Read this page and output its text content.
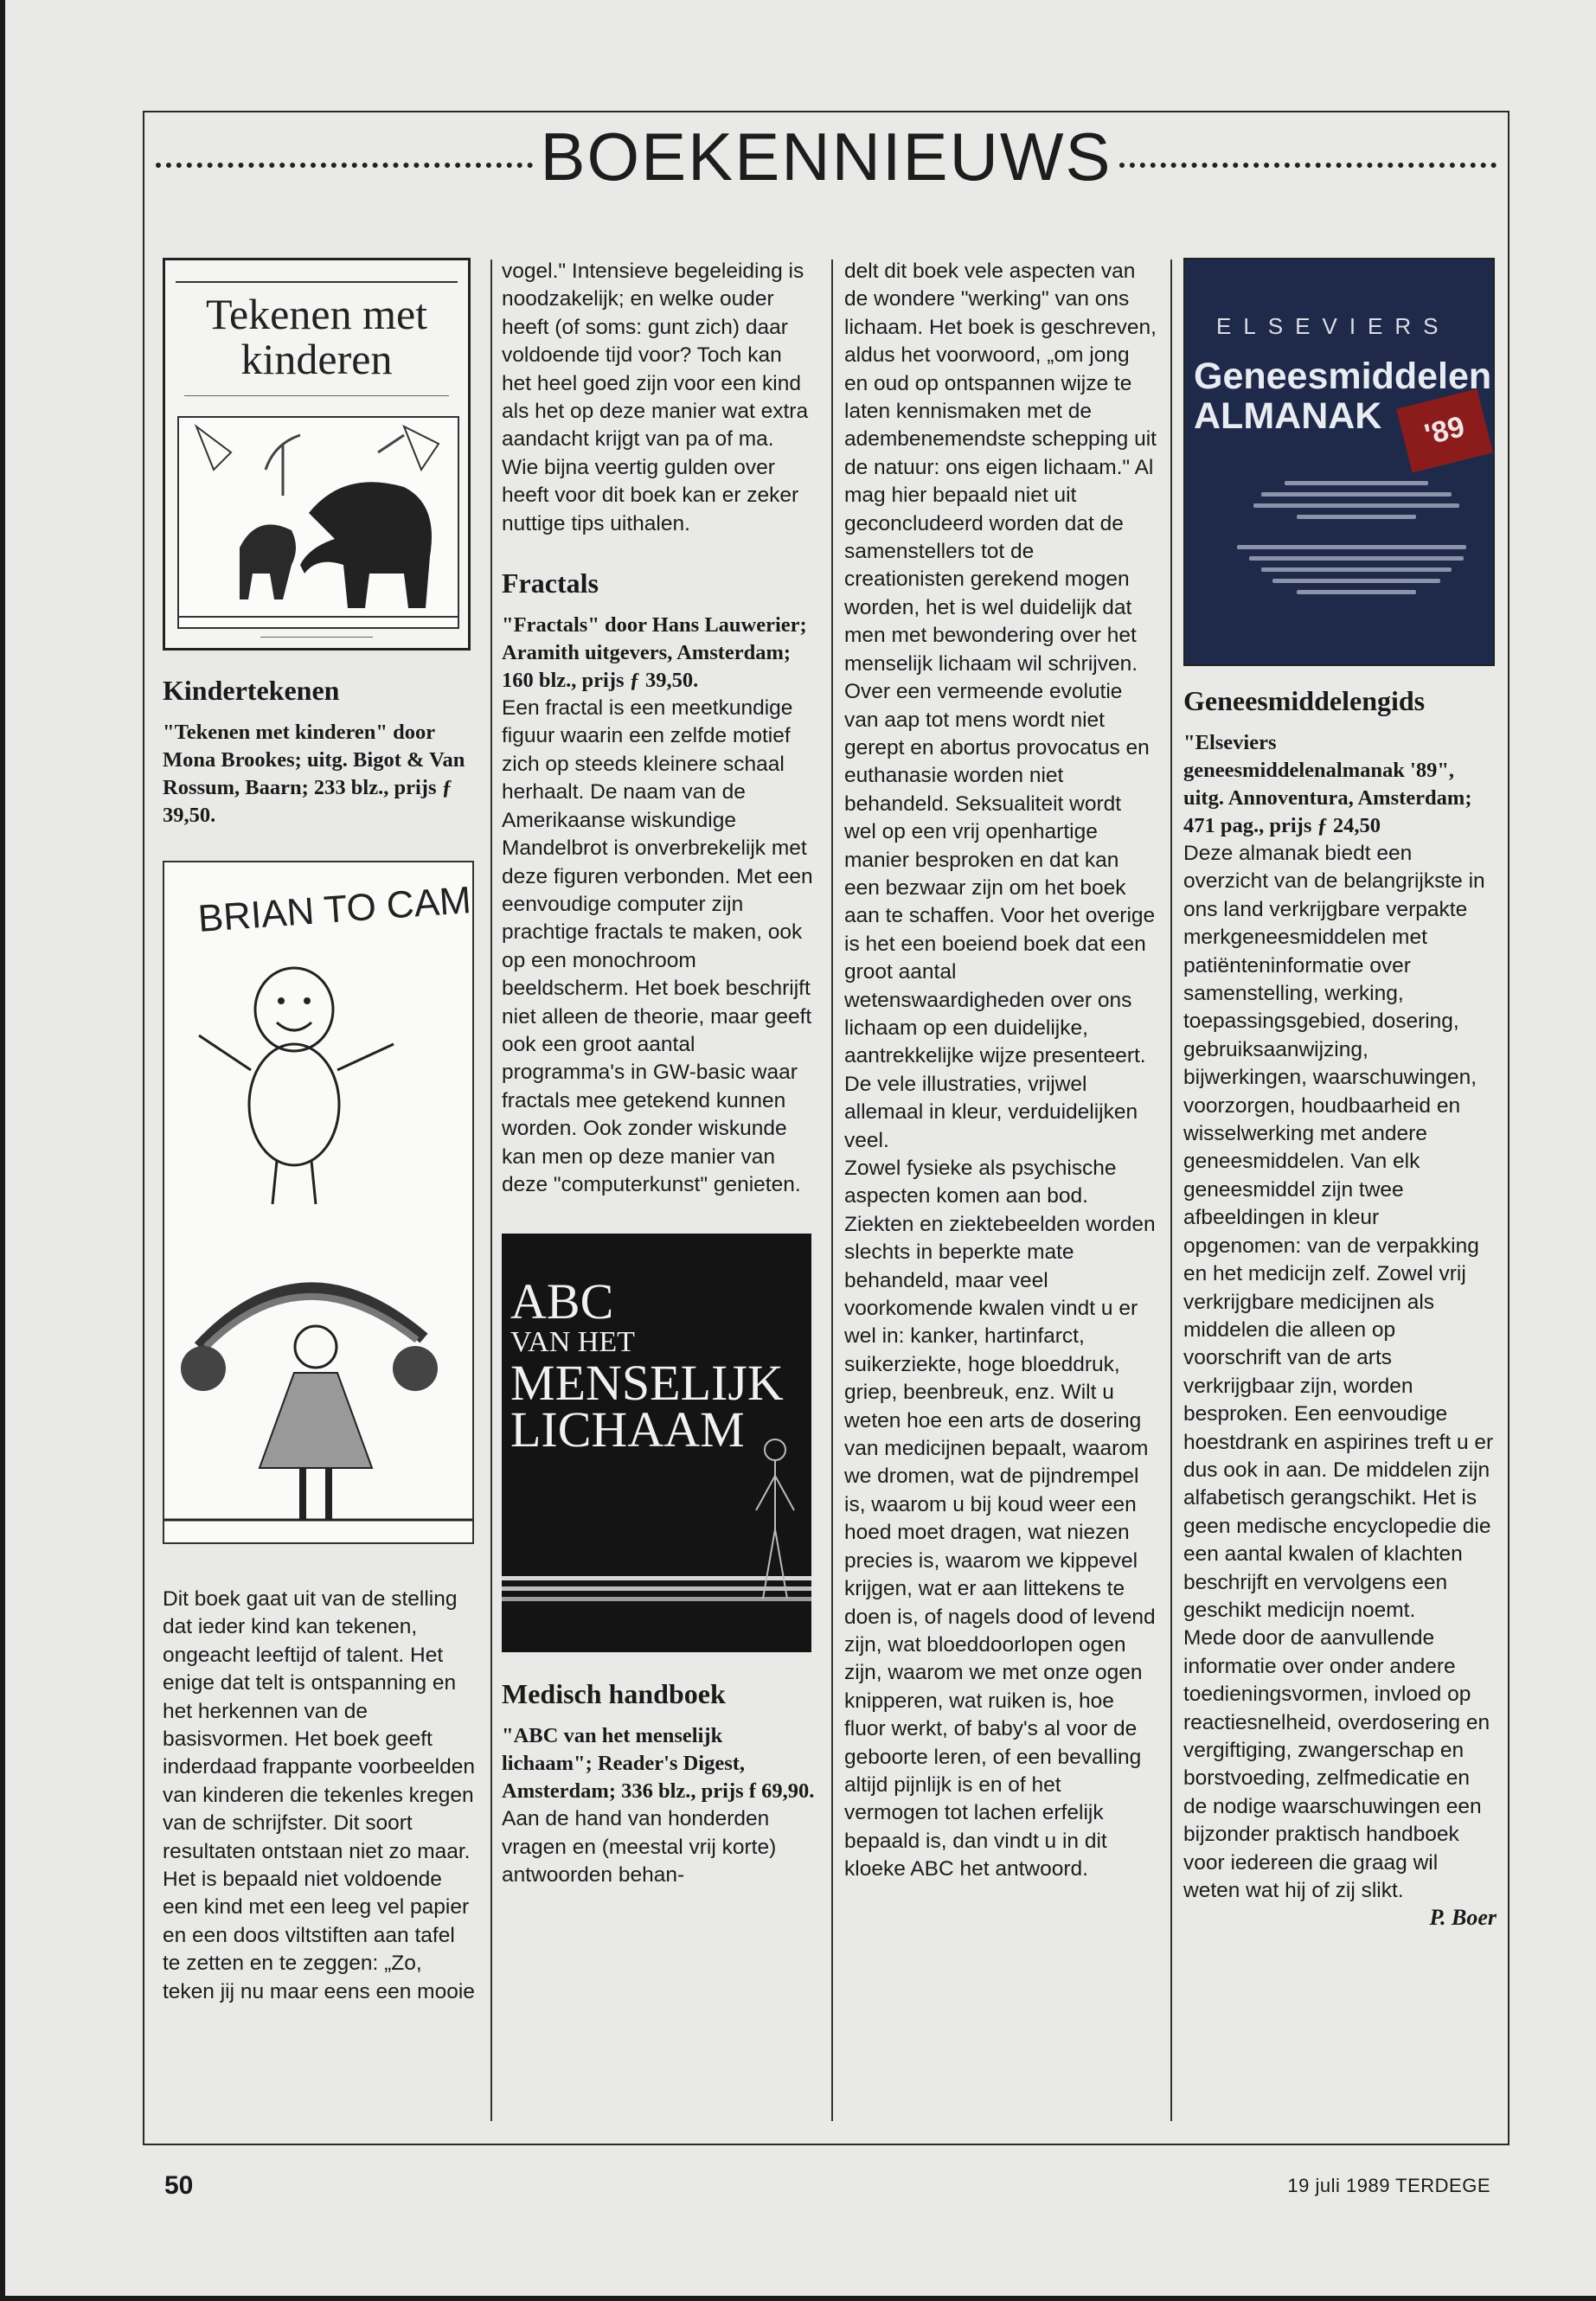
BOEKENNIEUWS
Tekenen met kinderen
Kindertekenen

"Tekenen met kinderen" door Mona Brookes; uitg. Bigot & Van Rossum, Baarn; 233 blz., prijs ƒ 39,50.

BRIAN TO CAM

Dit boek gaat uit van de stelling dat ieder kind kan tekenen, ongeacht leeftijd of talent. Het enige dat telt is ontspanning en het herkennen van de basisvormen. Het boek geeft inderdaad frappante voorbeelden van kinderen die tekenles kregen van de schrijfster. Dit soort resultaten ontstaan niet zo maar. Het is bepaald niet voldoende een kind met een leeg vel papier en een doos viltstiften aan tafel te zetten en te zeggen: „Zo, teken jij nu maar eens een mooie

vogel." Intensieve begeleiding is noodzakelijk; en welke ouder heeft (of soms: gunt zich) daar voldoende tijd voor? Toch kan het heel goed zijn voor een kind als het op deze manier wat extra aandacht krijgt van pa of ma. Wie bijna veertig gulden over heeft voor dit boek kan er zeker nuttige tips uithalen.

Fractals

"Fractals" door Hans Lauwerier; Aramith uitgevers, Amsterdam; 160 blz., prijs ƒ 39,50.

Een fractal is een meetkundige figuur waarin een zelfde motief zich op steeds kleinere schaal herhaalt. De naam van de Amerikaanse wiskundige Mandelbrot is onverbrekelijk met deze figuren verbonden. Met een eenvoudige computer zijn prachtige fractals te maken, ook op een monochroom beeldscherm. Het boek beschrijft niet alleen de theorie, maar geeft ook een groot aantal programma's in GW-basic waar fractals mee getekend kunnen worden. Ook zonder wiskunde kan men op deze manier van deze "computerkunst" genieten.

ABC

VAN HET
MENSELIJK
LICHAAM
Medisch handboek

"ABC van het menselijk lichaam"; Reader's Digest, Amsterdam; 336 blz., prijs f 69,90.

Aan de hand van honderden vragen en (meestal vrij korte) antwoorden behan-

delt dit boek vele aspecten van de wondere "werking" van ons lichaam. Het boek is geschreven, aldus het voorwoord, „om jong en oud op ontspannen wijze te laten kennismaken met de adembenemendste schepping uit de natuur: ons eigen lichaam." Al mag hier bepaald niet uit geconcludeerd worden dat de samenstellers tot de creationisten gerekend mogen worden, het is wel duidelijk dat men met bewondering over het menselijk lichaam wil schrijven. Over een vermeende evolutie van aap tot mens wordt niet gerept en abortus provocatus en euthanasie worden niet behandeld. Seksualiteit wordt wel op een vrij openhartige manier besproken en dat kan een bezwaar zijn om het boek aan te schaffen. Voor het overige is het een boeiend boek dat een groot aantal wetenswaardigheden over ons lichaam op een duidelijke, aantrekkelijke wijze presenteert. De vele illustraties, vrijwel allemaal in kleur, verduidelijken veel.

Zowel fysieke als psychische aspecten komen aan bod. Ziekten en ziektebeelden worden slechts in beperkte mate behandeld, maar veel voorkomende kwalen vindt u er wel in: kanker, hartinfarct, suikerziekte, hoge bloeddruk, griep, beenbreuk, enz. Wilt u weten hoe een arts de dosering van medicijnen bepaalt, waarom we dromen, wat de pijndrempel is, waarom u bij koud weer een hoed moet dragen, wat niezen precies is, waarom we kippevel krijgen, wat er aan littekens te doen is, of nagels dood of levend zijn, wat bloeddoorlopen ogen zijn, waarom we met onze ogen knipperen, wat ruiken is, hoe fluor werkt, of baby's al voor de geboorte leren, of een bevalling altijd pijnlijk is en of het vermogen tot lachen erfelijk bepaald is, dan vindt u in dit kloeke ABC het antwoord.

ELSEVIERS
Geneesmiddelen
ALMANAK	'89
Geneesmiddelengids

"Elseviers geneesmiddelenalmanak '89", uitg. Annoventura, Amsterdam; 471 pag., prijs ƒ 24,50

Deze almanak biedt een overzicht van de belangrijkste in ons land verkrijgbare verpakte merkgeneesmiddelen met patiënteninformatie over samenstelling, werking, toepassingsgebied, dosering, gebruiksaanwijzing, bijwerkingen, waarschuwingen, voorzorgen, houdbaarheid en wisselwerking met andere geneesmiddelen. Van elk geneesmiddel zijn twee afbeeldingen in kleur opgenomen: van de verpakking en het medicijn zelf. Zowel vrij verkrijgbare medicijnen als middelen die alleen op voorschrift van de arts verkrijgbaar zijn, worden besproken. Een eenvoudige hoestdrank en aspirines treft u er dus ook in aan. De middelen zijn alfabetisch gerangschikt. Het is geen medische encyclopedie die een aantal kwalen of klachten beschrijft en vervolgens een geschikt medicijn noemt.

Mede door de aanvullende informatie over onder andere toedieningsvormen, invloed op reactiesnelheid, overdosering en vergiftiging, zwangerschap en borstvoeding, zelfmedicatie en de nodige waarschuwingen een bijzonder praktisch handboek voor iedereen die graag wil weten wat hij of zij slikt.

P. Boer
50	19 juli 1989 TERDEGE
